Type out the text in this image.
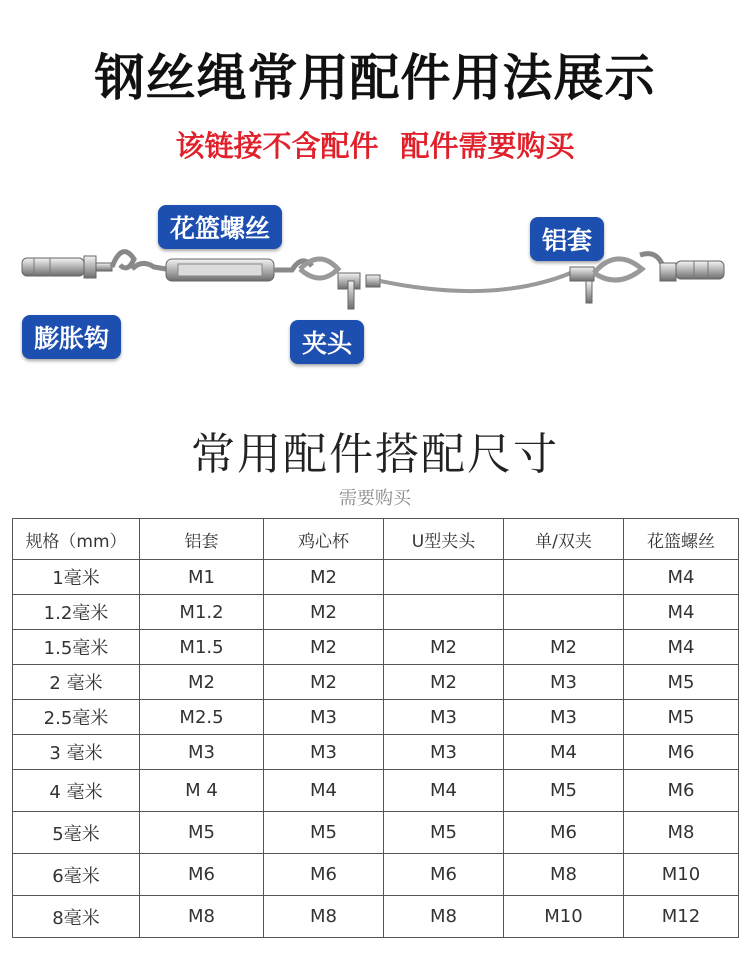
钢丝绳常用配件用法展示
该链接不含配件 配件需要购买
花篮螺丝	铝套
膨胀钩	夹头
常用配件搭配尺寸
需要购买
规格（mm）	铝套	鸡心杯	U型夹头	单/双夹	花篮螺丝
1毫米	M1	M2			M4
1.2毫米	M1.2	M2			M4
1.5毫米	M1.5	M2	M2	M2	M4
2 毫米	M2	M2	M2	M3	M5
2.5毫米	M2.5	M3	M3	M3	M5
3 毫米	M3	M3	M3	M4	M6
4 毫米	M 4	M4	M4	M5	M6
5毫米	M5	M5	M5	M6	M8
6毫米	M6	M6	M6	M8	M10
8毫米	M8	M8	M8	M10	M12
